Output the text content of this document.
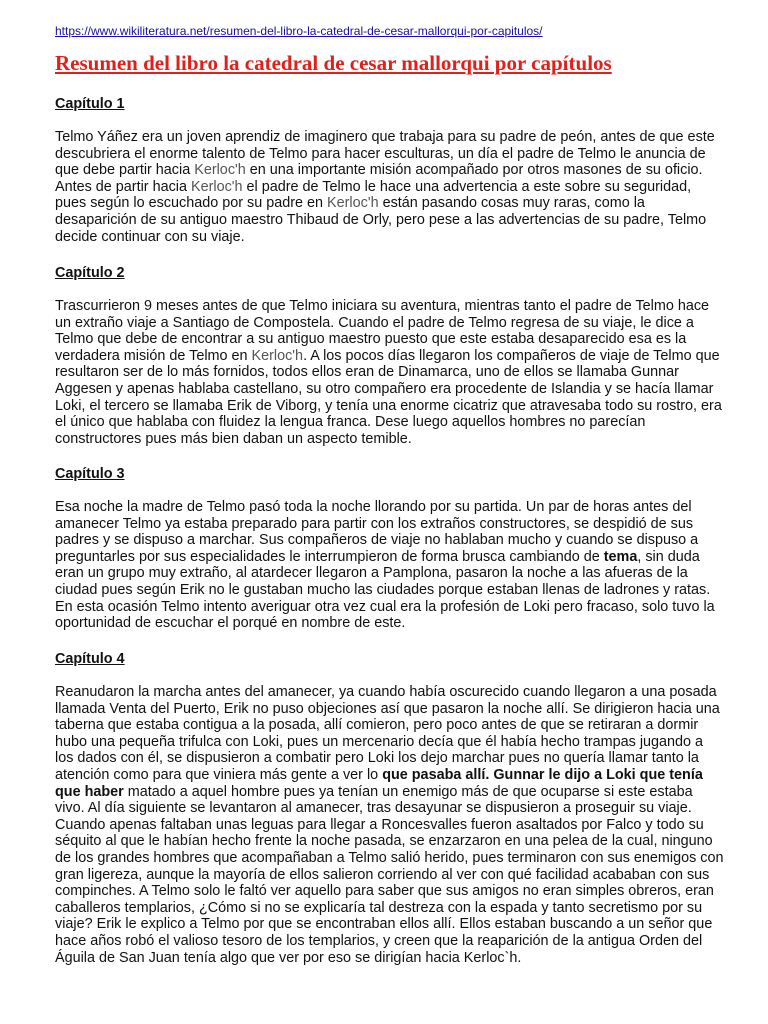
https://www.wikiliteratura.net/resumen-del-libro-la-catedral-de-cesar-mallorqui-por-capitulos/
Resumen del libro la catedral de cesar mallorqui por capítulos
Capítulo 1

Telmo Yáñez era un joven aprendiz de imaginero que trabaja para su padre de peón, antes de que este descubriera el enorme talento de Telmo para hacer esculturas, un día el padre de Telmo le anuncia de que debe partir hacia Kerloc'h en una importante misión acompañado por otros masones de su oficio. Antes de partir hacia Kerloc'h el padre de Telmo le hace una advertencia a este sobre su seguridad, pues según lo escuchado por su padre en Kerloc'h están pasando cosas muy raras, como la desaparición de su antiguo maestro Thibaud de Orly, pero pese a las advertencias de su padre, Telmo decide continuar con su viaje.

Capítulo 2

Trascurrieron 9 meses antes de que Telmo iniciara su aventura, mientras tanto el padre de Telmo hace un extraño viaje a Santiago de Compostela. Cuando el padre de Telmo regresa de su viaje, le dice a Telmo que debe de encontrar a su antiguo maestro puesto que este estaba desaparecido esa es la verdadera misión de Telmo en Kerloc'h. A los pocos días llegaron los compañeros de viaje de Telmo que resultaron ser de lo más fornidos, todos ellos eran de Dinamarca, uno de ellos se llamaba Gunnar Aggesen y apenas hablaba castellano, su otro compañero era procedente de Islandia y se hacía llamar Loki, el tercero se llamaba Erik de Viborg, y tenía una enorme cicatriz que atravesaba todo su rostro, era el único que hablaba con fluidez la lengua franca. Dese luego aquellos hombres no parecían constructores pues más bien daban un aspecto temible.

Capítulo 3

Esa noche la madre de Telmo pasó toda la noche llorando por su partida. Un par de horas antes del amanecer Telmo ya estaba preparado para partir con los extraños constructores, se despidió de sus padres y se dispuso a marchar. Sus compañeros de viaje no hablaban mucho y cuando se dispuso a preguntarles por sus especialidades le interrumpieron de forma brusca cambiando de tema, sin duda eran un grupo muy extraño, al atardecer llegaron a Pamplona, pasaron la noche a las afueras de la ciudad pues según Erik no le gustaban mucho las ciudades porque estaban llenas de ladrones y ratas. En esta ocasión Telmo intento averiguar otra vez cual era la profesión de Loki pero fracaso, solo tuvo la oportunidad de escuchar el porqué en nombre de este.

Capítulo 4

Reanudaron la marcha antes del amanecer, ya cuando había oscurecido cuando llegaron a una posada llamada Venta del Puerto, Erik no puso objeciones así que pasaron la noche allí. Se dirigieron hacia una taberna que estaba contigua a la posada, allí comieron, pero poco antes de que se retiraran a dormir hubo una pequeña trifulca con Loki, pues un mercenario decía que él había hecho trampas jugando a los dados con él, se dispusieron a combatir pero Loki los dejo marchar pues no quería llamar tanto la atención como para que viniera más gente a ver lo que pasaba allí. Gunnar le dijo a Loki que tenía que haber matado a aquel hombre pues ya tenían un enemigo más de que ocuparse si este estaba vivo. Al día siguiente se levantaron al amanecer, tras desayunar se dispusieron a proseguir su viaje. Cuando apenas faltaban unas leguas para llegar a Roncesvalles fueron asaltados por Falco y todo su séquito al que le habían hecho frente la noche pasada, se enzarzaron en una pelea de la cual, ninguno de los grandes hombres que acompañaban a Telmo salió herido, pues terminaron con sus enemigos con gran ligereza, aunque la mayoría de ellos salieron corriendo al ver con qué facilidad acababan con sus compinches. A Telmo solo le faltó ver aquello para saber que sus amigos no eran simples obreros, eran caballeros templarios, ¿Cómo si no se explicaría tal destreza con la espada y tanto secretismo por su viaje? Erik le explico a Telmo por que se encontraban ellos allí. Ellos estaban buscando a un señor que hace años robó el valioso tesoro de los templarios, y creen que la reaparición de la antigua Orden del Águila de San Juan tenía algo que ver por eso se dirigían hacia Kerloc`h.
